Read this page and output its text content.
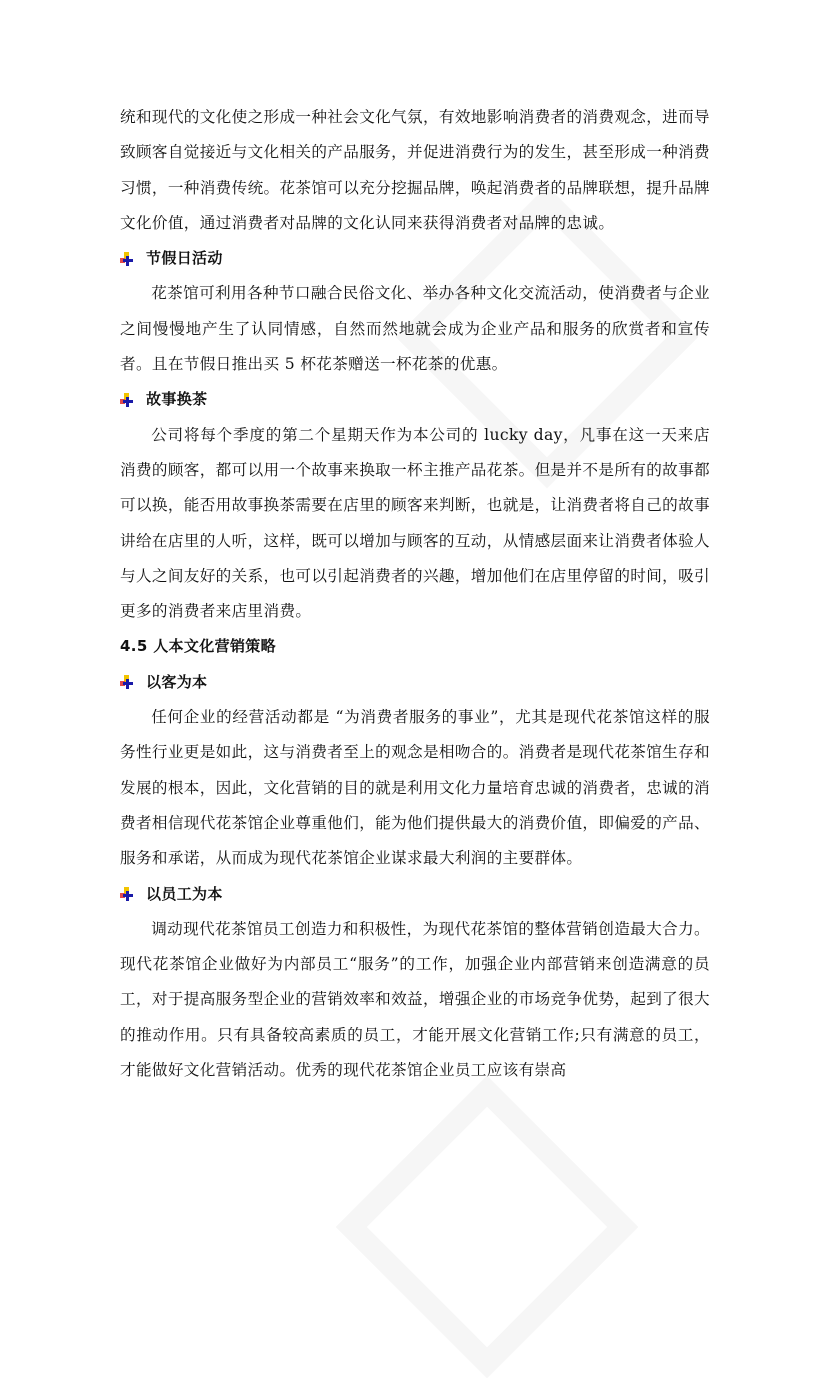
统和现代的文化使之形成一种社会文化气氛，有效地影响消费者的消费观念，进而导致顾客自觉接近与文化相关的产品服务，并促进消费行为的发生，甚至形成一种消费习惯，一种消费传统。花茶馆可以充分挖掘品牌，唤起消费者的品牌联想，提升品牌文化价值，通过消费者对品牌的文化认同来获得消费者对品牌的忠诚。

节假日活动

花茶馆可利用各种节口融合民俗文化、举办各种文化交流活动，使消费者与企业之间慢慢地产生了认同情感，自然而然地就会成为企业产品和服务的欣赏者和宣传者。且在节假日推出买 5 杯花茶赠送一杯花茶的优惠。

故事换茶

公司将每个季度的第二个星期天作为本公司的 lucky day，凡事在这一天来店消费的顾客，都可以用一个故事来换取一杯主推产品花茶。但是并不是所有的故事都可以换，能否用故事换茶需要在店里的顾客来判断，也就是，让消费者将自己的故事讲给在店里的人听，这样，既可以增加与顾客的互动，从情感层面来让消费者体验人与人之间友好的关系，也可以引起消费者的兴趣，增加他们在店里停留的时间，吸引更多的消费者来店里消费。

4.5 人本文化营销策略

以客为本

任何企业的经营活动都是 “为消费者服务的事业”，尤其是现代花茶馆这样的服务性行业更是如此，这与消费者至上的观念是相吻合的。消费者是现代花茶馆生存和发展的根本，因此，文化营销的目的就是利用文化力量培育忠诚的消费者，忠诚的消费者相信现代花茶馆企业尊重他们，能为他们提供最大的消费价值，即偏爱的产品、服务和承诺，从而成为现代花茶馆企业谋求最大利润的主要群体。

以员工为本

调动现代花茶馆员工创造力和积极性，为现代花茶馆的整体营销创造最大合力。现代花茶馆企业做好为内部员工“服务”的工作，加强企业内部营销来创造满意的员工，对于提高服务型企业的营销效率和效益，增强企业的市场竞争优势，起到了很大的推动作用。只有具备较高素质的员工，才能开展文化营销工作;只有满意的员工，才能做好文化营销活动。优秀的现代花茶馆企业员工应该有崇高
